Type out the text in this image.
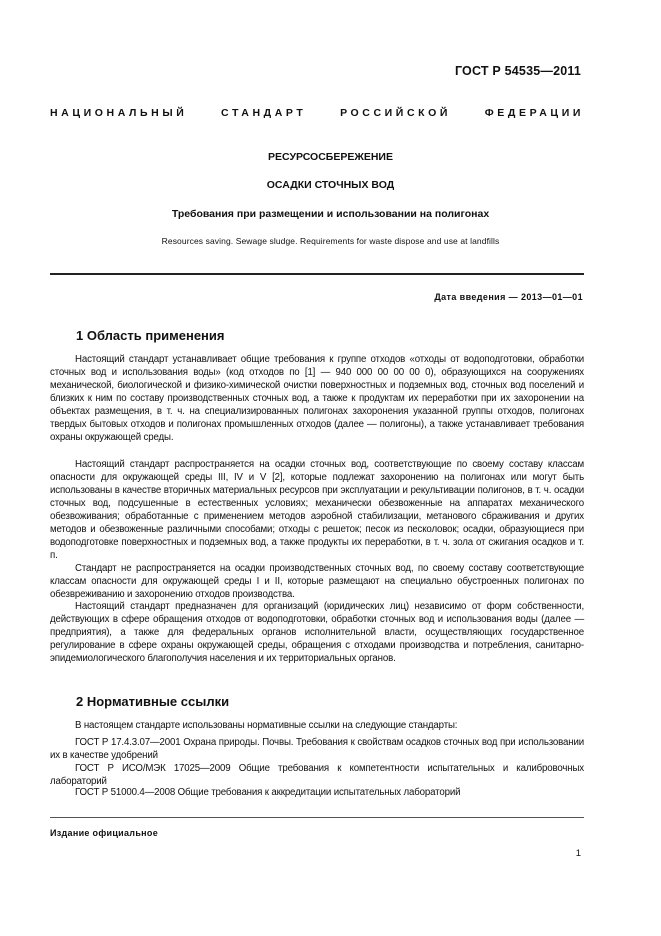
ГОСТ Р 54535—2011
НАЦИОНАЛЬНЫЙ СТАНДАРТ РОССИЙСКОЙ ФЕДЕРАЦИИ
РЕСУРСОСБЕРЕЖЕНИЕ
ОСАДКИ СТОЧНЫХ ВОД
Требования при размещении и использовании на полигонах
Resources saving. Sewage sludge. Requirements for waste dispose and use at landfills
Дата введения — 2013—01—01
1 Область применения

Настоящий стандарт устанавливает общие требования к группе отходов «отходы от водоподготовки, обработки сточных вод и использования воды» (код отходов по [1] — 940 000 00 00 00 0), образующихся на сооружениях механической, биологической и физико-химической очистки поверхностных и подземных вод, сточных вод поселений и близких к ним по составу производственных сточных вод, а также к продуктам их переработки при их захоронении на объектах размещения, в т. ч. на специализированных полигонах захоронения указанной группы отходов, полигонах твердых бытовых отходов и полигонах промышленных отходов (далее — полигоны), а также устанавливает требования охраны окружающей среды.

Настоящий стандарт распространяется на осадки сточных вод, соответствующие по своему составу классам опасности для окружающей среды III, IV и V [2], которые подлежат захоронению на полигонах или могут быть использованы в качестве вторичных материальных ресурсов при эксплуатации и рекультивации полигонов, в т. ч. осадки сточных вод, подсушенные в естественных условиях; механически обезвоженные на аппаратах механического обезвоживания; обработанные с применением методов аэробной стабилизации, метанового сбраживания и других методов и обезвоженные различными способами; отходы с решеток; песок из песколовок; осадки, образующиеся при водоподготовке поверхностных и подземных вод, а также продукты их переработки, в т. ч. зола от сжигания осадков и т. п.

Стандарт не распространяется на осадки производственных сточных вод, по своему составу соответствующие классам опасности для окружающей среды I и II, которые размещают на специально обустроенных полигонах по обезвреживанию и захоронению отходов производства.

Настоящий стандарт предназначен для организаций (юридических лиц) независимо от форм собственности, действующих в сфере обращения отходов от водоподготовки, обработки сточных вод и использования воды (далее — предприятия), а также для федеральных органов исполнительной власти, осуществляющих государственное регулирование в сфере охраны окружающей среды, обращения с отходами производства и потребления, санитарно-эпидемиологического благополучия населения и их территориальных органов.

2 Нормативные ссылки

В настоящем стандарте использованы нормативные ссылки на следующие стандарты:

ГОСТ Р 17.4.3.07—2001 Охрана природы. Почвы. Требования к свойствам осадков сточных вод при использовании их в качестве удобрений

ГОСТ Р ИСО/МЭК 17025—2009 Общие требования к компетентности испытательных и калибровочных лабораторий

ГОСТ Р 51000.4—2008 Общие требования к аккредитации испытательных лабораторий

Издание официальное
1
